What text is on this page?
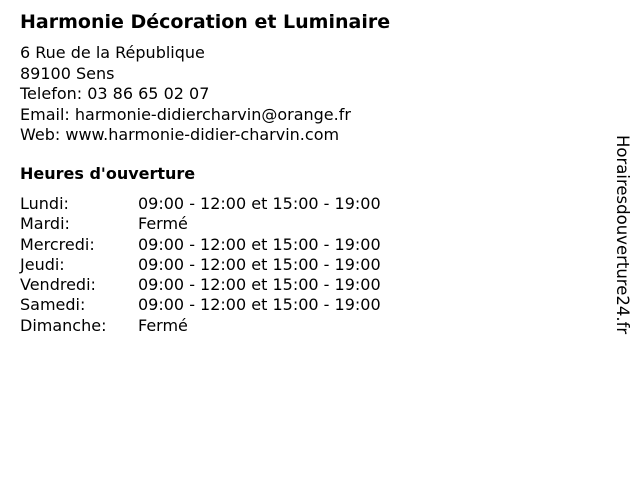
Harmonie Décoration et Luminaire
6 Rue de la République
89100 Sens
Telefon: 03 86 65 02 07
Email: harmonie-didiercharvin@orange.fr
Web: www.harmonie-didier-charvin.com
Heures d'ouverture
Lundi:	09:00 - 12:00 et 15:00 - 19:00
Mardi:	Fermé
Mercredi:	09:00 - 12:00 et 15:00 - 19:00
Jeudi:	09:00 - 12:00 et 15:00 - 19:00
Vendredi:	09:00 - 12:00 et 15:00 - 19:00
Samedi:	09:00 - 12:00 et 15:00 - 19:00
Dimanche:	Fermé	Horairesdouverture24.fr
